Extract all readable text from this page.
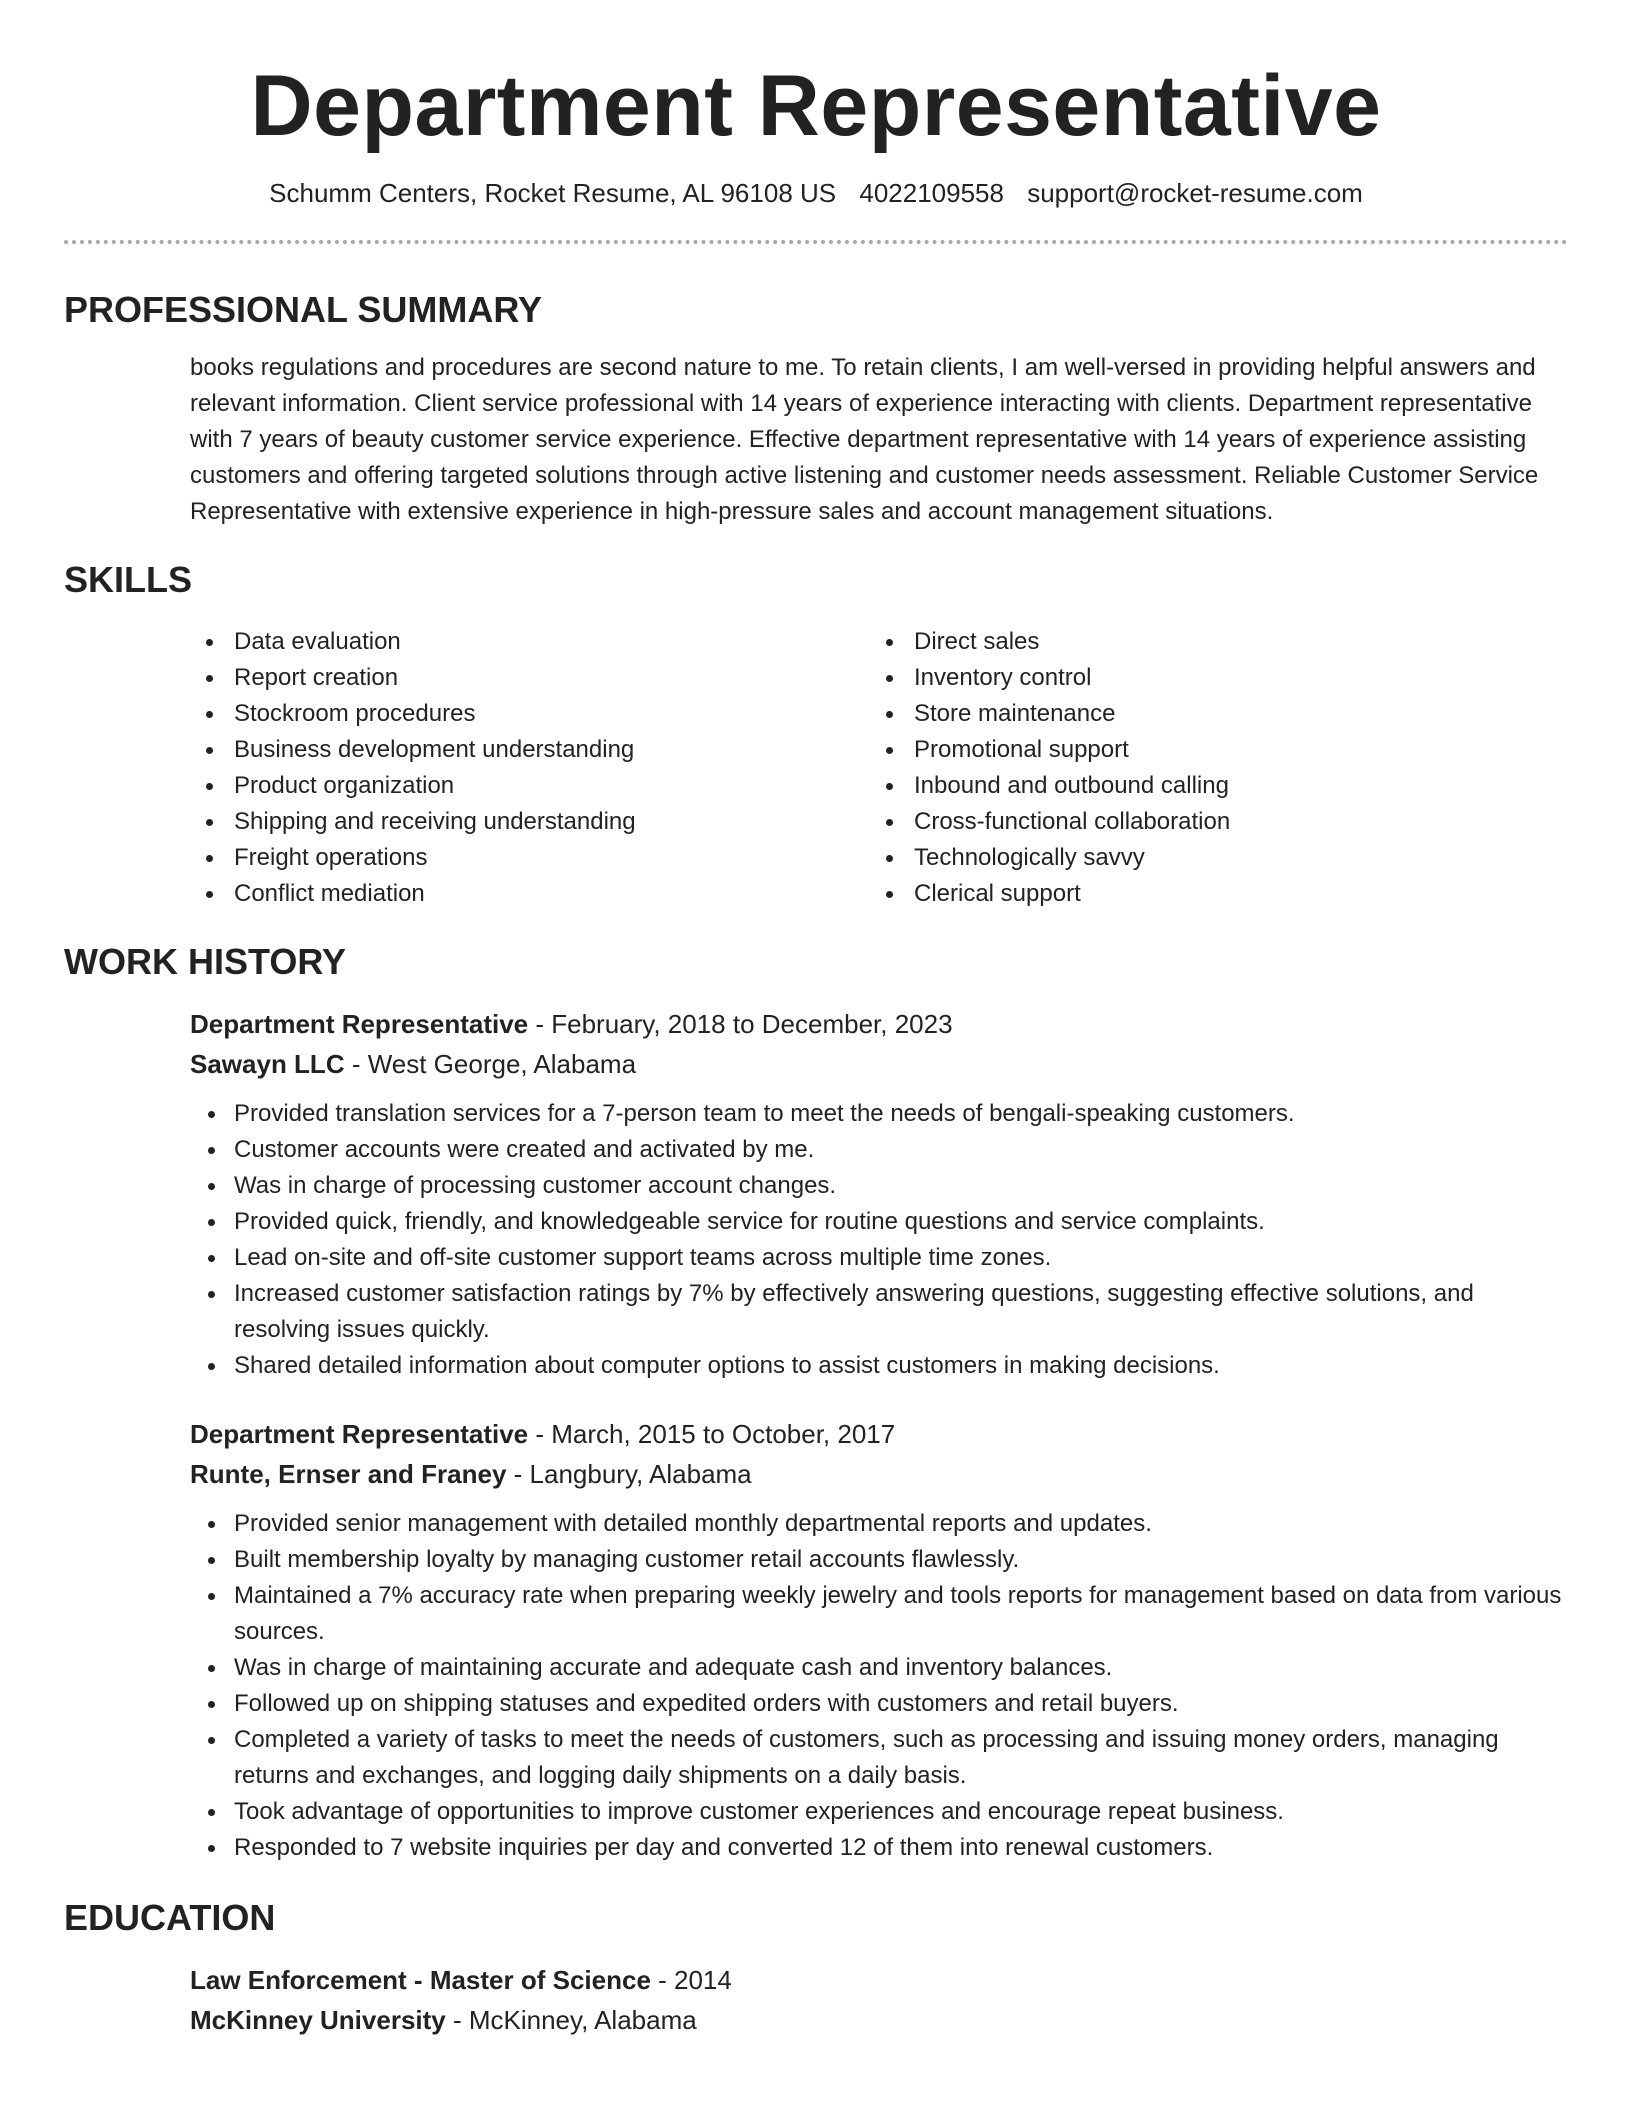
Department Representative
Schumm Centers, Rocket Resume, AL 96108 US 4022109558 support@rocket-resume.com
PROFESSIONAL SUMMARY

books regulations and procedures are second nature to me. To retain clients, I am well-versed in providing helpful answers and relevant information. Client service professional with 14 years of experience interacting with clients. Department representative with 7 years of beauty customer service experience. Effective department representative with 14 years of experience assisting customers and offering targeted solutions through active listening and customer needs assessment. Reliable Customer Service Representative with extensive experience in high-pressure sales and account management situations.

SKILLS
Data evaluation
Report creation
Stockroom procedures
Business development understanding
Product organization
Shipping and receiving understanding
Freight operations
Conflict mediation
Direct sales
Inventory control
Store maintenance
Promotional support
Inbound and outbound calling
Cross-functional collaboration
Technologically savvy
Clerical support
WORK HISTORY
Department Representative - February, 2018 to December, 2023
Sawayn LLC - West George, Alabama
Provided translation services for a 7-person team to meet the needs of bengali-speaking customers.
Customer accounts were created and activated by me.
Was in charge of processing customer account changes.
Provided quick, friendly, and knowledgeable service for routine questions and service complaints.
Lead on-site and off-site customer support teams across multiple time zones.
Increased customer satisfaction ratings by 7% by effectively answering questions, suggesting effective solutions, and resolving issues quickly.
Shared detailed information about computer options to assist customers in making decisions.
Department Representative - March, 2015 to October, 2017
Runte, Ernser and Franey - Langbury, Alabama
Provided senior management with detailed monthly departmental reports and updates.
Built membership loyalty by managing customer retail accounts flawlessly.
Maintained a 7% accuracy rate when preparing weekly jewelry and tools reports for management based on data from various sources.
Was in charge of maintaining accurate and adequate cash and inventory balances.
Followed up on shipping statuses and expedited orders with customers and retail buyers.
Completed a variety of tasks to meet the needs of customers, such as processing and issuing money orders, managing returns and exchanges, and logging daily shipments on a daily basis.
Took advantage of opportunities to improve customer experiences and encourage repeat business.
Responded to 7 website inquiries per day and converted 12 of them into renewal customers.
EDUCATION
Law Enforcement - Master of Science - 2014
McKinney University - McKinney, Alabama
